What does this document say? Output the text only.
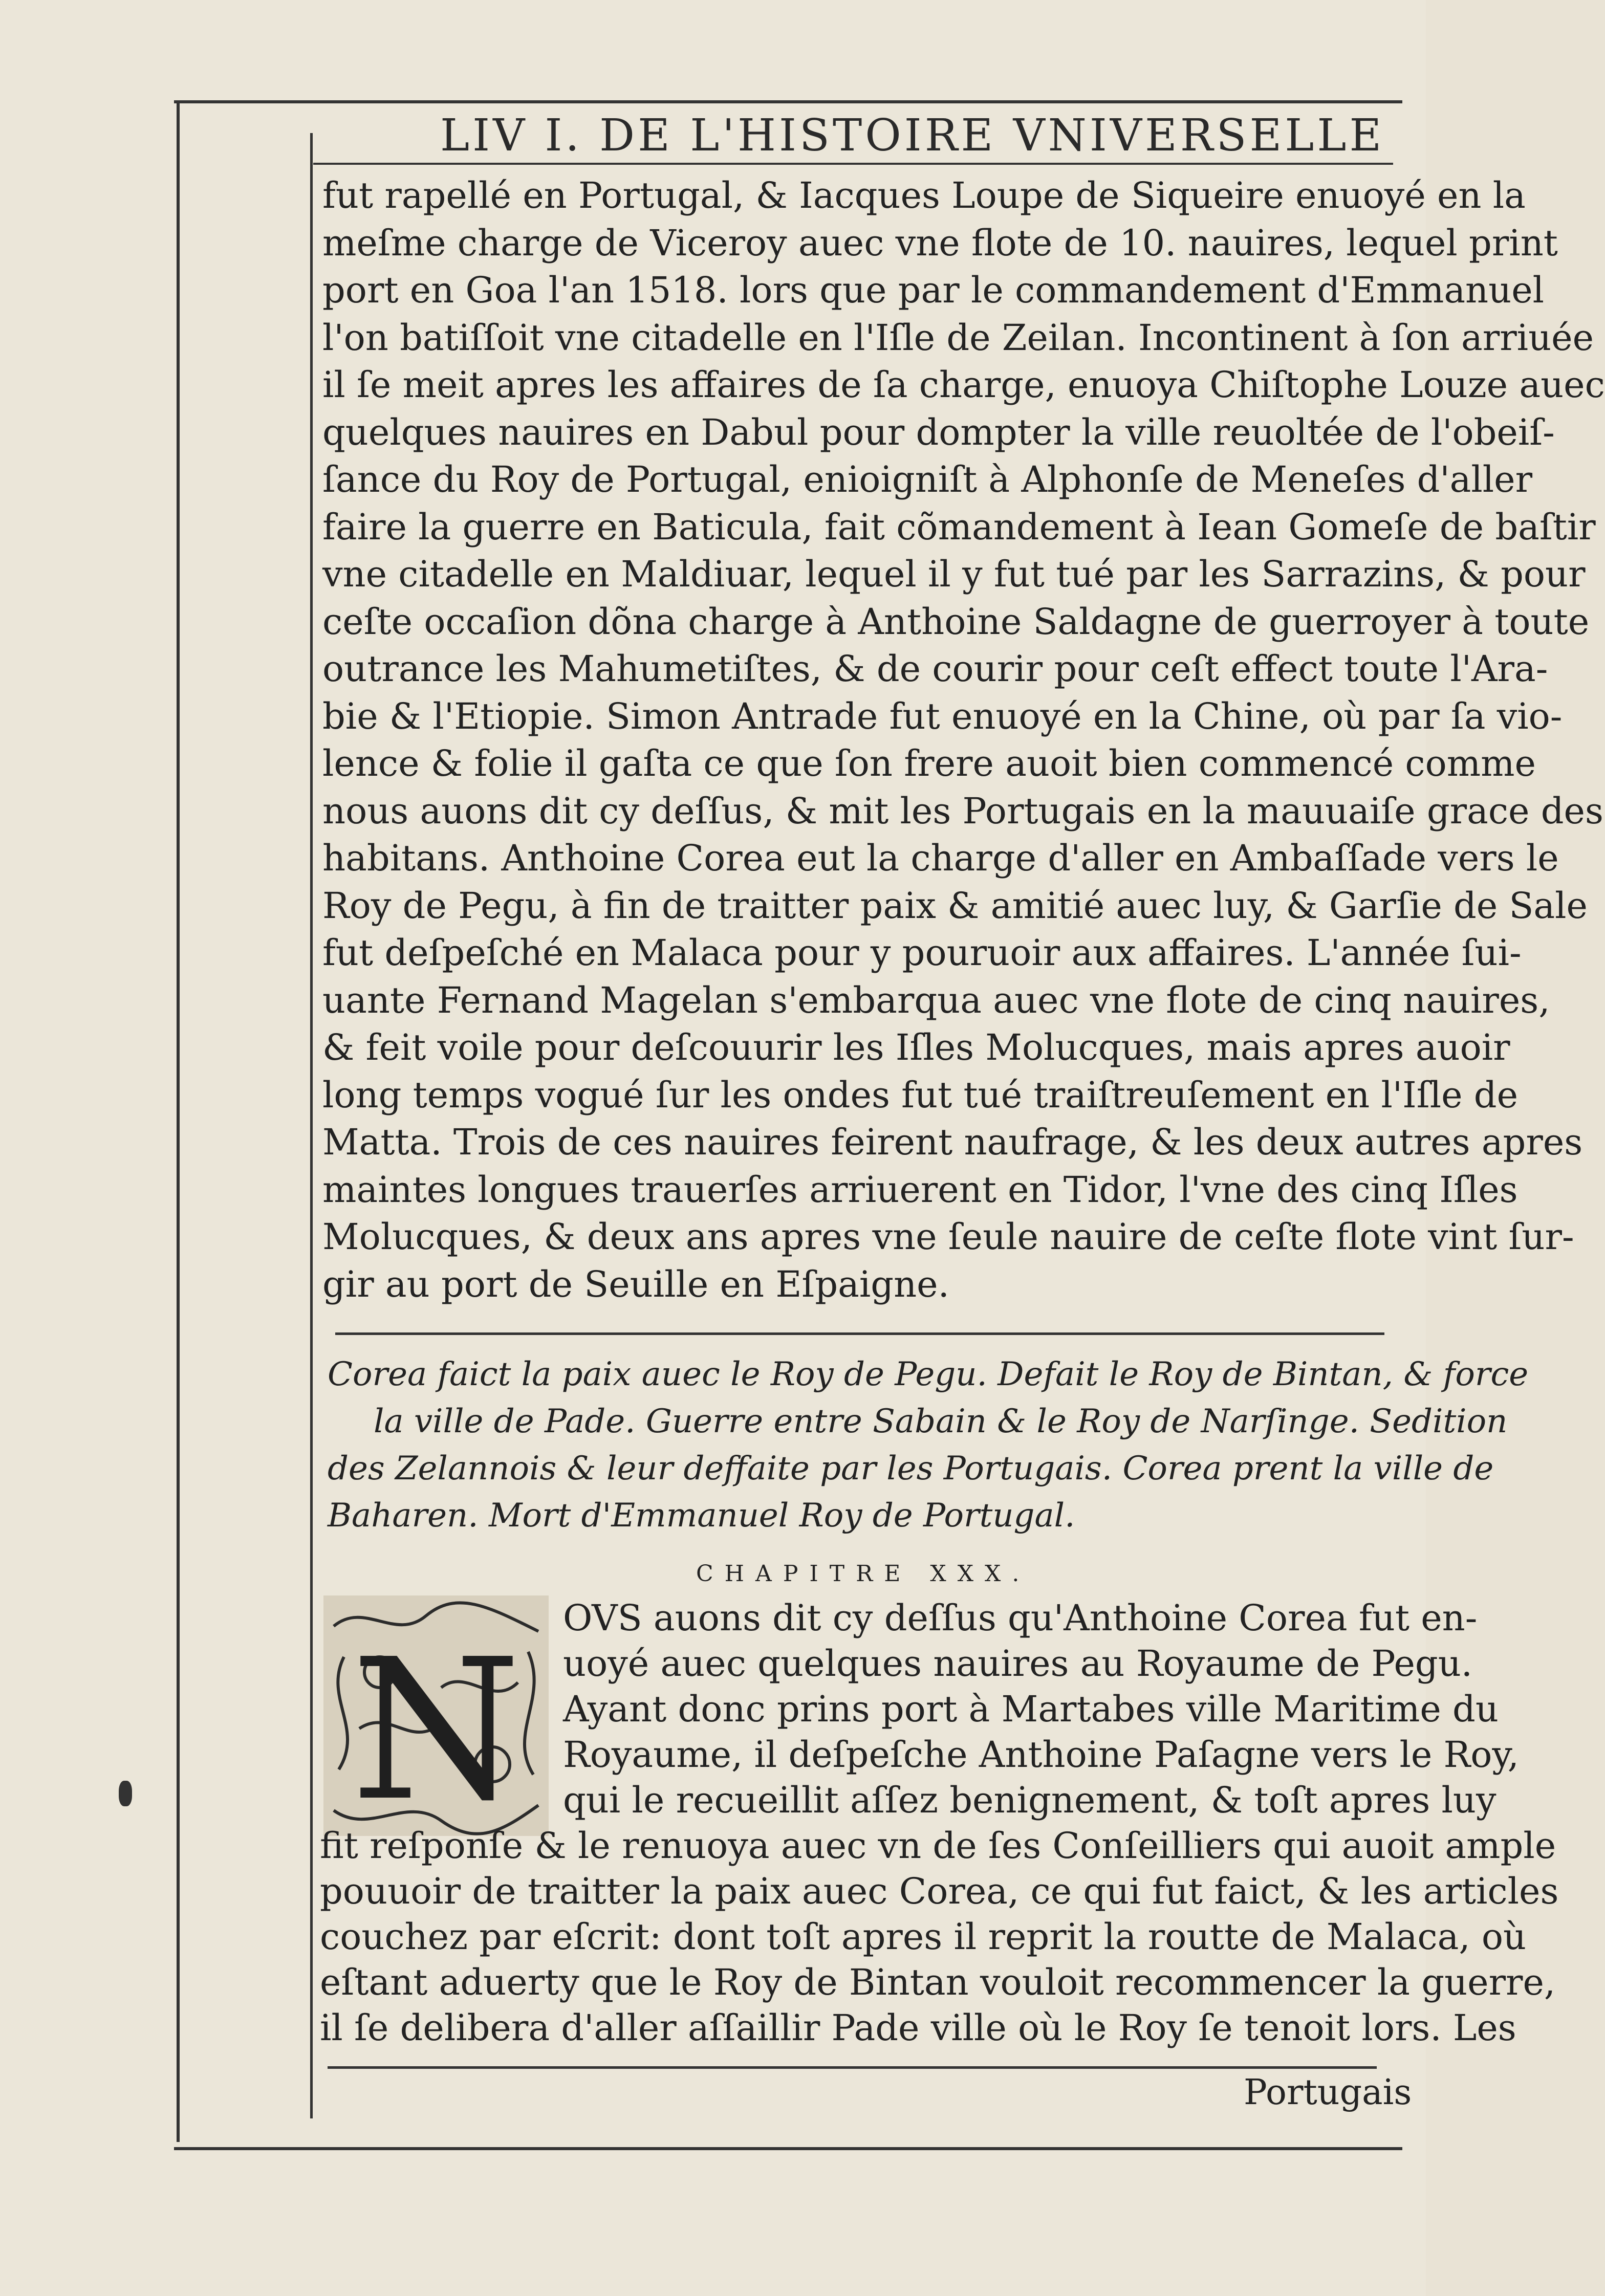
LIV I. DE L'HISTOIRE VNIVERSELLE
fut rapellé en Portugal, & Iacques Loupe de Siqueire enuoyé en la
meſme charge de Viceroy auec vne flote de 10. nauires, lequel print
port en Goa l'an 1518. lors que par le commandement d'Emmanuel
l'on batiſſoit vne citadelle en l'Iſle de Zeilan. Incontinent à ſon arriuée
il ſe meit apres les affaires de ſa charge, enuoya Chiſtophe Louze auec
quelques nauires en Dabul pour dompter la ville reuoltée de l'obeiſ-
ſance du Roy de Portugal, enioigniſt à Alphonſe de Meneſes d'aller
faire la guerre en Baticula, fait cõmandement à Iean Gomeſe de baſtir
vne citadelle en Maldiuar, lequel il y fut tué par les Sarrazins, & pour
ceſte occaſion dõna charge à Anthoine Saldagne de guerroyer à toute
outrance les Mahumetiſtes, & de courir pour ceſt effect toute l'Ara-
bie & l'Etiopie. Simon Antrade fut enuoyé en la Chine, où par ſa vio-
lence & folie il gaſta ce que ſon frere auoit bien commencé comme
nous auons dit cy deſſus, & mit les Portugais en la mauuaiſe grace des
habitans. Anthoine Corea eut la charge d'aller en Ambaſſade vers le
Roy de Pegu, à fin de traitter paix & amitié auec luy, & Garſie de Sale
fut deſpeſché en Malaca pour y pouruoir aux affaires. L'année ſui-
uante Fernand Magelan s'embarqua auec vne flote de cinq nauires,
& feit voile pour deſcouurir les Iſles Molucques, mais apres auoir
long temps vogué ſur les ondes fut tué traiſtreuſement en l'Iſle de
Matta. Trois de ces nauires feirent naufrage, & les deux autres apres
maintes longues trauerſes arriuerent en Tidor, l'vne des cinq Iſles
Molucques, & deux ans apres vne ſeule nauire de ceſte flote vint ſur-
gir au port de Seuille en Eſpaigne.
Corea faict la paix auec le Roy de Pegu. Defait le Roy de Bintan, & force
la ville de Pade. Guerre entre Sabain & le Roy de Narſinge. Sedition
des Zelannois & leur deffaite par les Portugais. Corea prent la ville de
Baharen. Mort d'Emmanuel Roy de Portugal.
CHAPITRE XXX.
N OVS auons dit cy deſſus qu'Anthoine Corea fut en-
uoyé auec quelques nauires au Royaume de Pegu.
Ayant donc prins port à Martabes ville Maritime du
Royaume, il deſpeſche Anthoine Paſagne vers le Roy,
qui le recueillit aſſez benignement, & toſt apres luy
fit reſponſe & le renuoya auec vn de ſes Conſeilliers qui auoit ample
pouuoir de traitter la paix auec Corea, ce qui fut faict, & les articles
couchez par eſcrit: dont toſt apres il reprit la routte de Malaca, où
eſtant aduerty que le Roy de Bintan vouloit recommencer la guerre,
il ſe delibera d'aller aſſaillir Pade ville où le Roy ſe tenoit lors. Les
Portugais
